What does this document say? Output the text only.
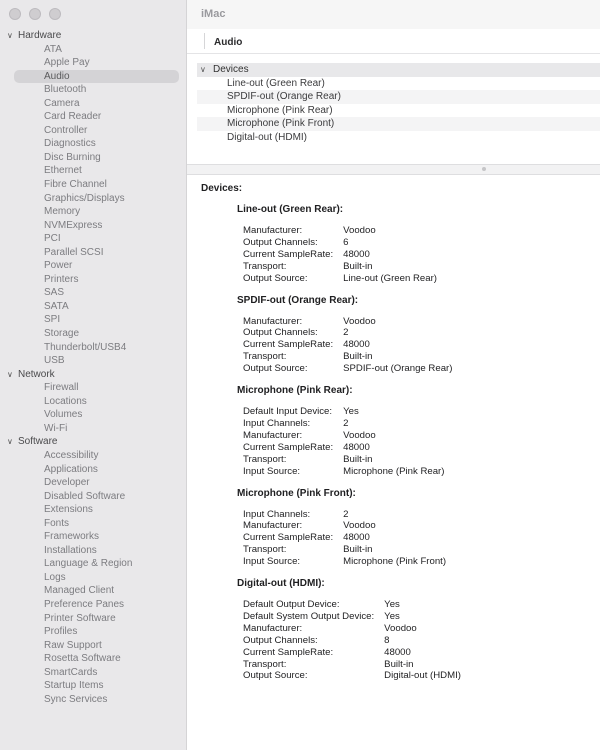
∨ Hardware
ATA
Apple Pay
Audio
Bluetooth
Camera
Card Reader
Controller
Diagnostics
Disc Burning
Ethernet
Fibre Channel
Graphics/Displays
Memory
NVMExpress
PCI
Parallel SCSI
Power
Printers
SAS
SATA
SPI
Storage
Thunderbolt/USB4
USB
∨ Network
Firewall
Locations
Volumes
Wi-Fi
∨ Software
Accessibility
Applications
Developer
Disabled Software
Extensions
Fonts
Frameworks
Installations
Language & Region
Logs
Managed Client
Preference Panes
Printer Software
Profiles
Raw Support
Rosetta Software
SmartCards
Startup Items
Sync Services
iMac
Audio
∨ Devices
Line-out (Green Rear)
SPDIF-out (Orange Rear)
Microphone (Pink Rear)
Microphone (Pink Front)
Digital-out (HDMI)
Devices:
Line-out (Green Rear):
Manufacturer:	Voodoo
Output Channels:	6
Current SampleRate:	48000
Transport:	Built-in
Output Source:	Line-out (Green Rear)
SPDIF-out (Orange Rear):
Manufacturer:	Voodoo
Output Channels:	2
Current SampleRate:	48000
Transport:	Built-in
Output Source:	SPDIF-out (Orange Rear)
Microphone (Pink Rear):
Default Input Device:	Yes
Input Channels:	2
Manufacturer:	Voodoo
Current SampleRate:	48000
Transport:	Built-in
Input Source:	Microphone (Pink Rear)
Microphone (Pink Front):
Input Channels:	2
Manufacturer:	Voodoo
Current SampleRate:	48000
Transport:	Built-in
Input Source:	Microphone (Pink Front)
Digital-out (HDMI):
Default Output Device:	Yes
Default System Output Device:	Yes
Manufacturer:	Voodoo
Output Channels:	8
Current SampleRate:	48000
Transport:	Built-in
Output Source:	Digital-out (HDMI)
